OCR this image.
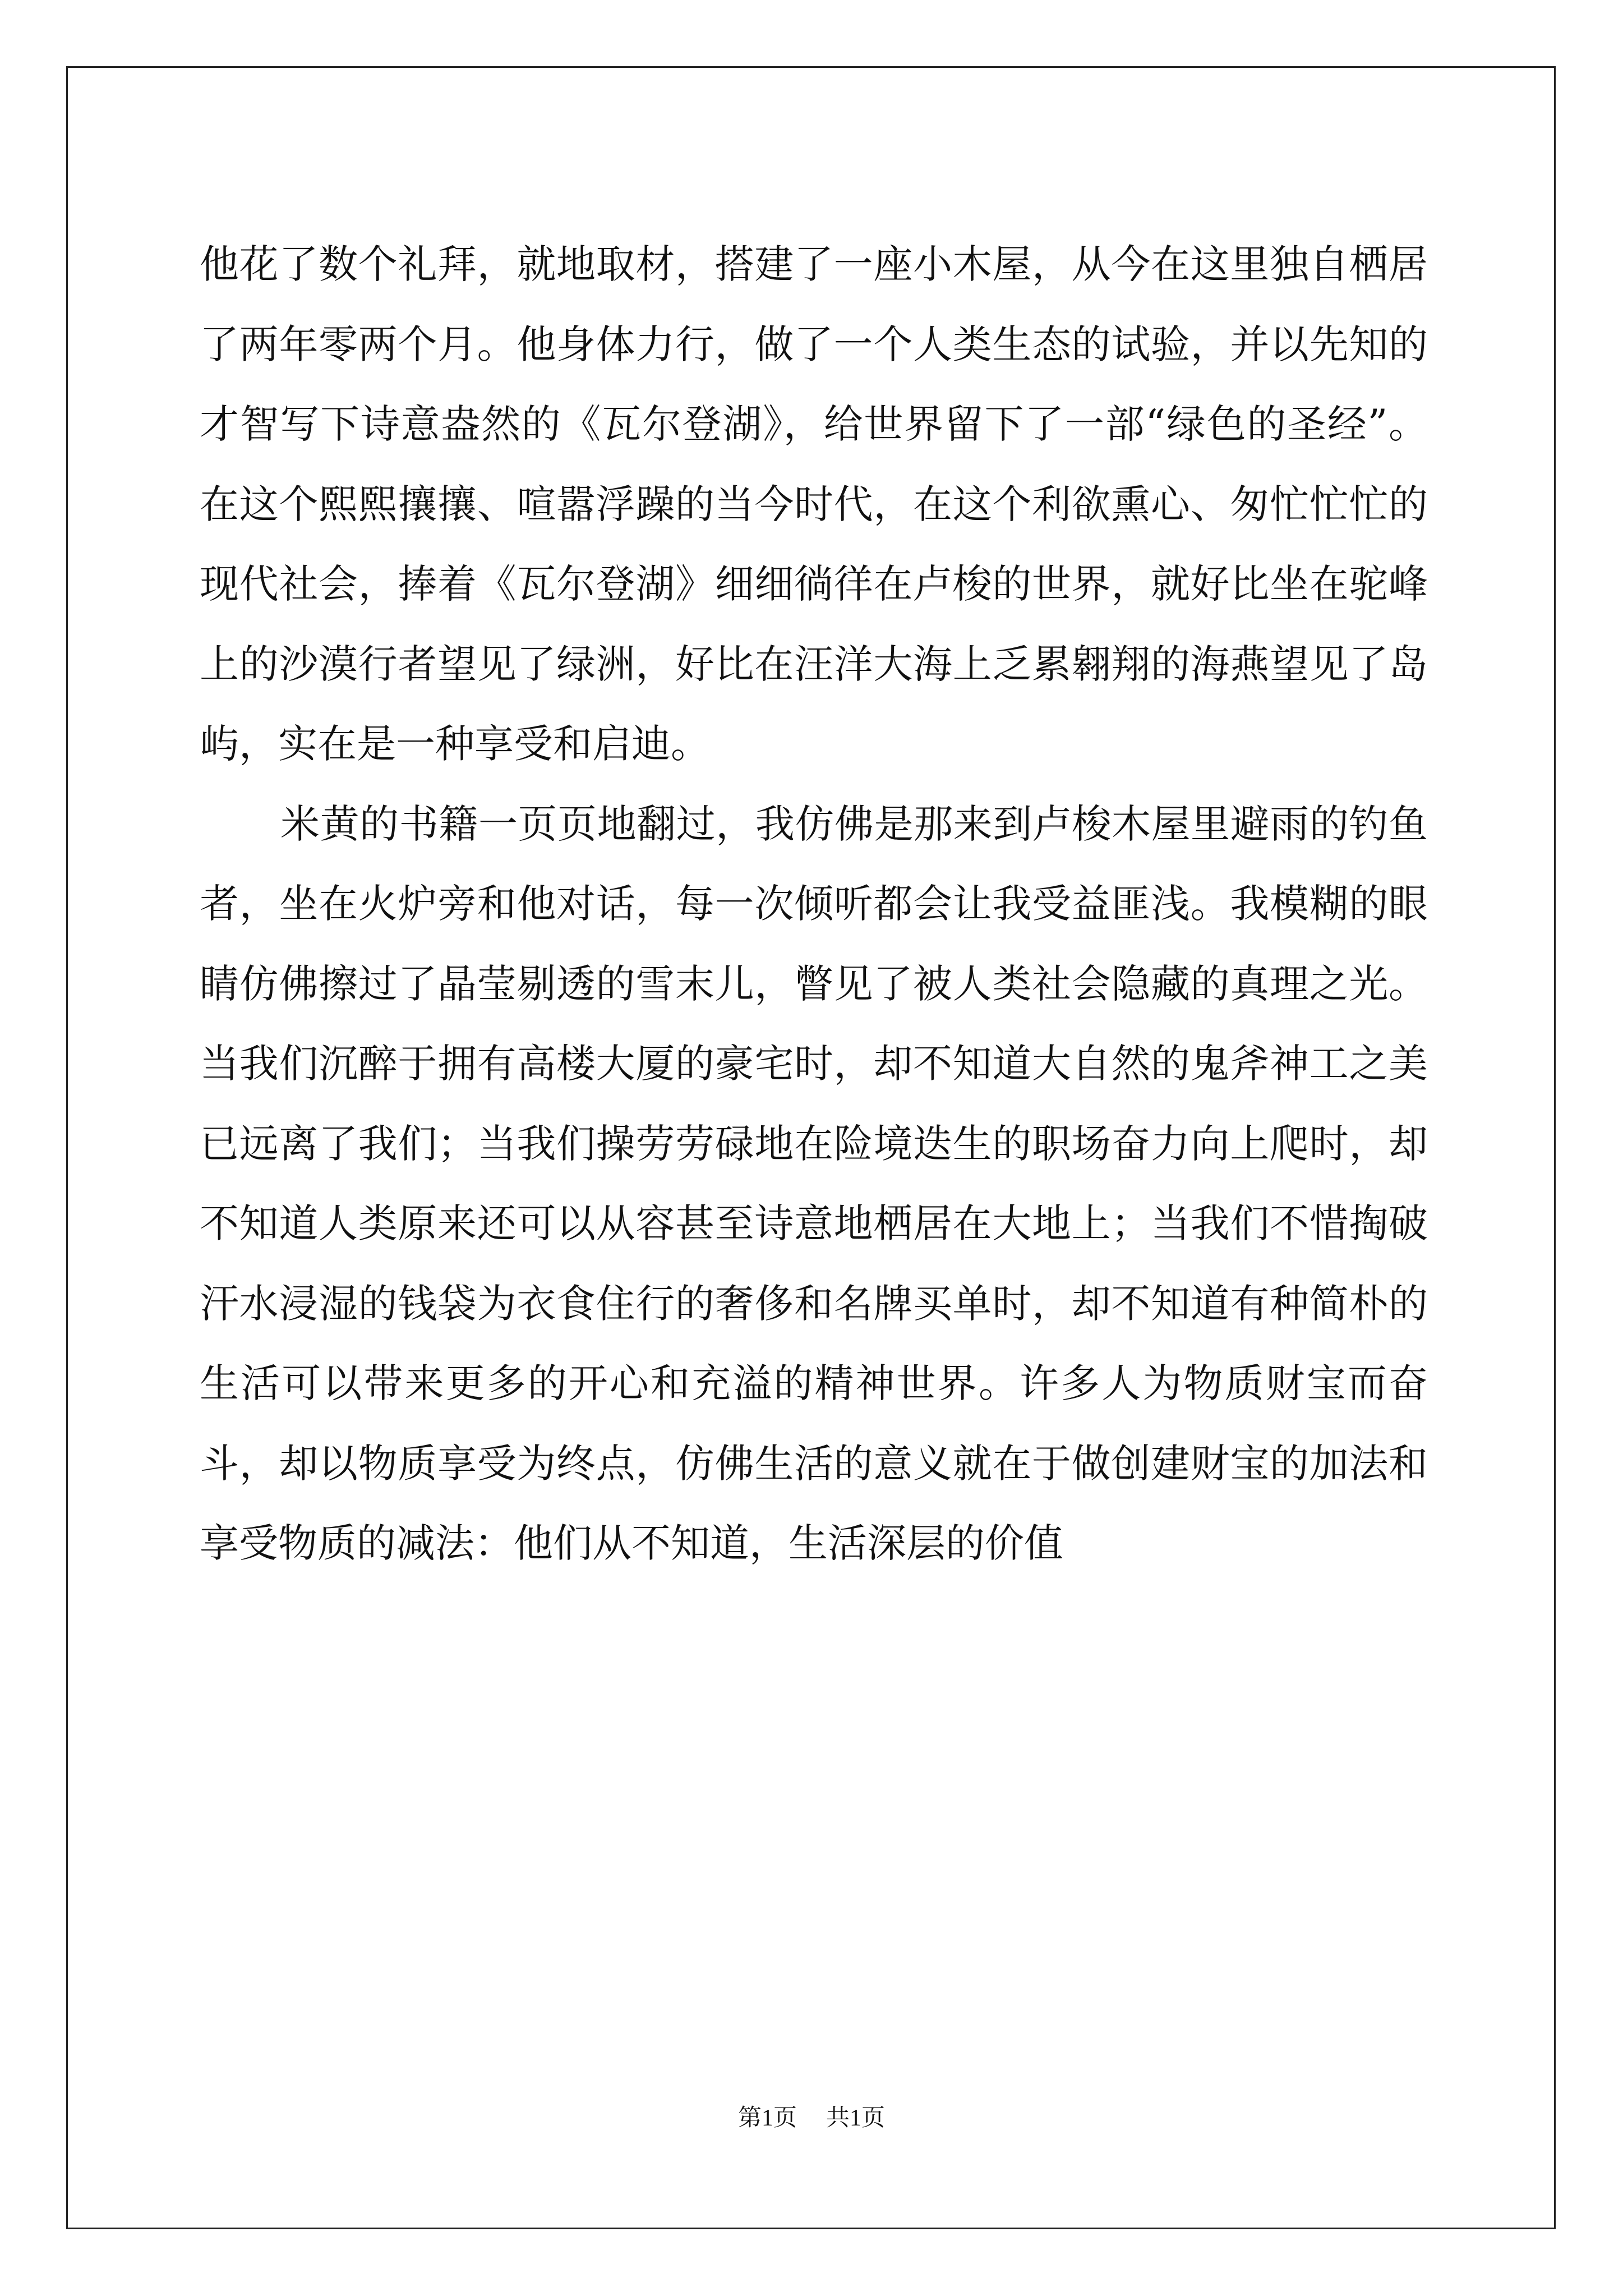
他花了数个礼拜，就地取材，搭建了一座小木屋，从今在这里独自栖居了两年零两个月。他身体力行，做了一个人类生态的试验，并以先知的才智写下诗意盎然的《瓦尔登湖》，给世界留下了一部“绿色的圣经”。在这个熙熙攘攘、喧嚣浮躁的当今时代，在这个利欲熏心、匆忙忙忙的现代社会，捧着《瓦尔登湖》细细徜徉在卢梭的世界，就好比坐在驼峰上的沙漠行者望见了绿洲，好比在汪洋大海上乏累翱翔的海燕望见了岛屿，实在是一种享受和启迪。

米黄的书籍一页页地翻过，我仿佛是那来到卢梭木屋里避雨的钓鱼者，坐在火炉旁和他对话，每一次倾听都会让我受益匪浅。我模糊的眼睛仿佛擦过了晶莹剔透的雪末儿，瞥见了被人类社会隐藏的真理之光。当我们沉醉于拥有高楼大厦的豪宅时，却不知道大自然的鬼斧神工之美已远离了我们；当我们操劳劳碌地在险境迭生的职场奋力向上爬时，却不知道人类原来还可以从容甚至诗意地栖居在大地上；当我们不惜掏破汗水浸湿的钱袋为衣食住行的奢侈和名牌买单时，却不知道有种简朴的生活可以带来更多的开心和充溢的精神世界。许多人为物质财宝而奋斗，却以物质享受为终点，仿佛生活的意义就在于做创建财宝的加法和享受物质的减法：他们从不知道，生活深层的价值

第1页 共1页
